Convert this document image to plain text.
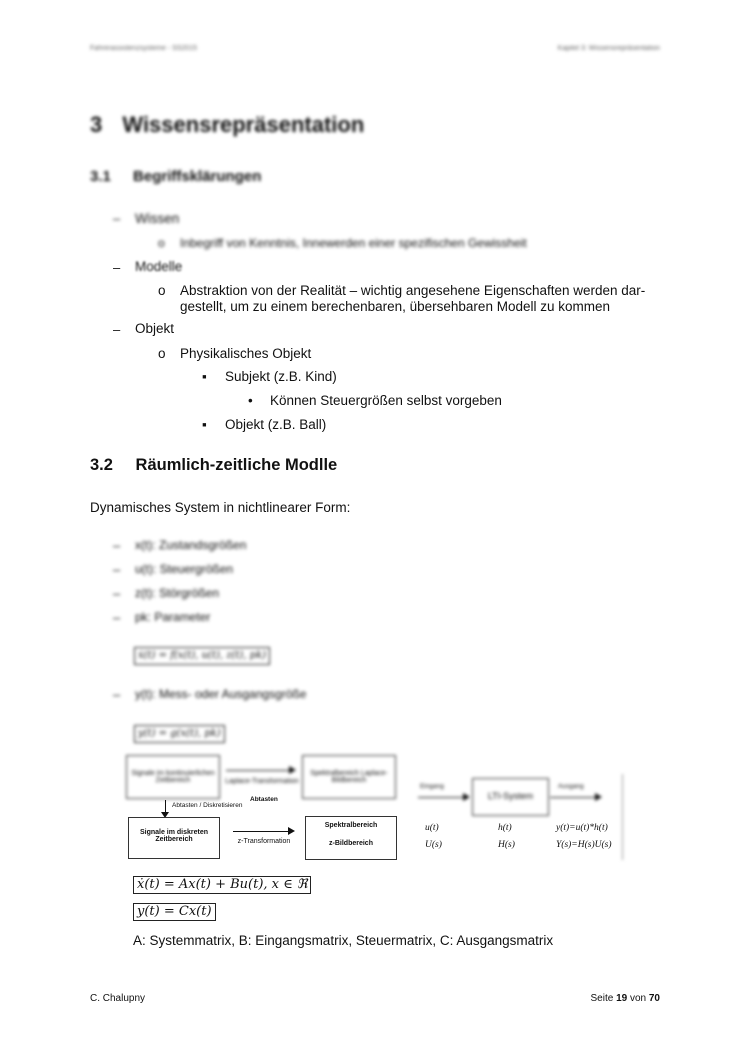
Fahrerassistenzsysteme - SS2015	Kapitel 3: Wissensrepräsentation
3 Wissensrepräsentation
3.1 Begriffsklärungen
– Wissen
o Inbegriff von Kenntnis, Innewerden einer spezifischen Gewissheit
– Modelle
o Abstraktion von der Realität – wichtig angesehene Eigenschaften werden dar-
gestellt, um zu einem berechenbaren, übersehbaren Modell zu kommen
– Objekt
o Physikalisches Objekt
▪ Subjekt (z.B. Kind)
• Können Steuergrößen selbst vorgeben
▪ Objekt (z.B. Ball)
3.2 Räumlich-zeitliche Modlle
Dynamisches System in nichtlinearer Form:
– x(t): Zustandsgrößen
– u(t): Steuergrößen
– z(t): Störgrößen
– pk: Parameter
ẋ(t) = f(x(t), u(t), z(t), pk)
– y(t): Mess- oder Ausgangsgröße
y(t) = g(x(t), pk)
Signale im kontinuierlichen Zeitbereich	Laplace-Transformation
Spektralbereich Laplace-Bildbereich
Abtasten / Diskretisieren
Abtasten
Signale im diskreten
Zeitbereich	z-Transformation
Spektralbereich
z-Bildbereich
Eingang
LTI-System
Ausgang
u(t)	h(t)	y(t)=u(t)*h(t)
U(s)	H(s)	Y(s)=H(s)U(s)
ẋ(t) = Ax(t) + Bu(t), x ∈ ℜ
y(t) = Cx(t)
A: Systemmatrix, B: Eingangsmatrix, Steuermatrix, C: Ausgangsmatrix
C. Chalupny	Seite 19 von 70
